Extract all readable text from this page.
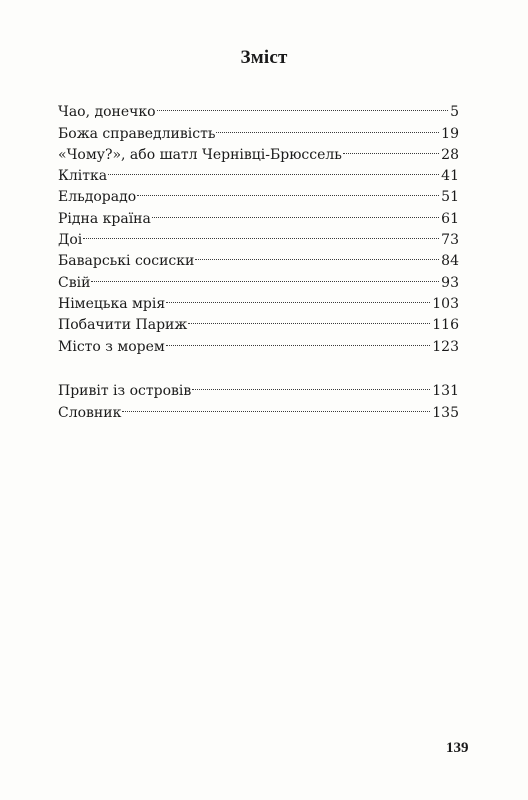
Зміст
Чао, донечко	5
Божа справедливість	19
«Чому?», або шатл Чернівці-Брюссель	28
Клітка	41
Ельдорадо	51
Рідна країна	61
Доі	73
Баварські сосиски	84
Свій	93
Німецька мрія	103
Побачити Париж	116
Місто з морем	123
Привіт із островів	131
Словник	135
139
